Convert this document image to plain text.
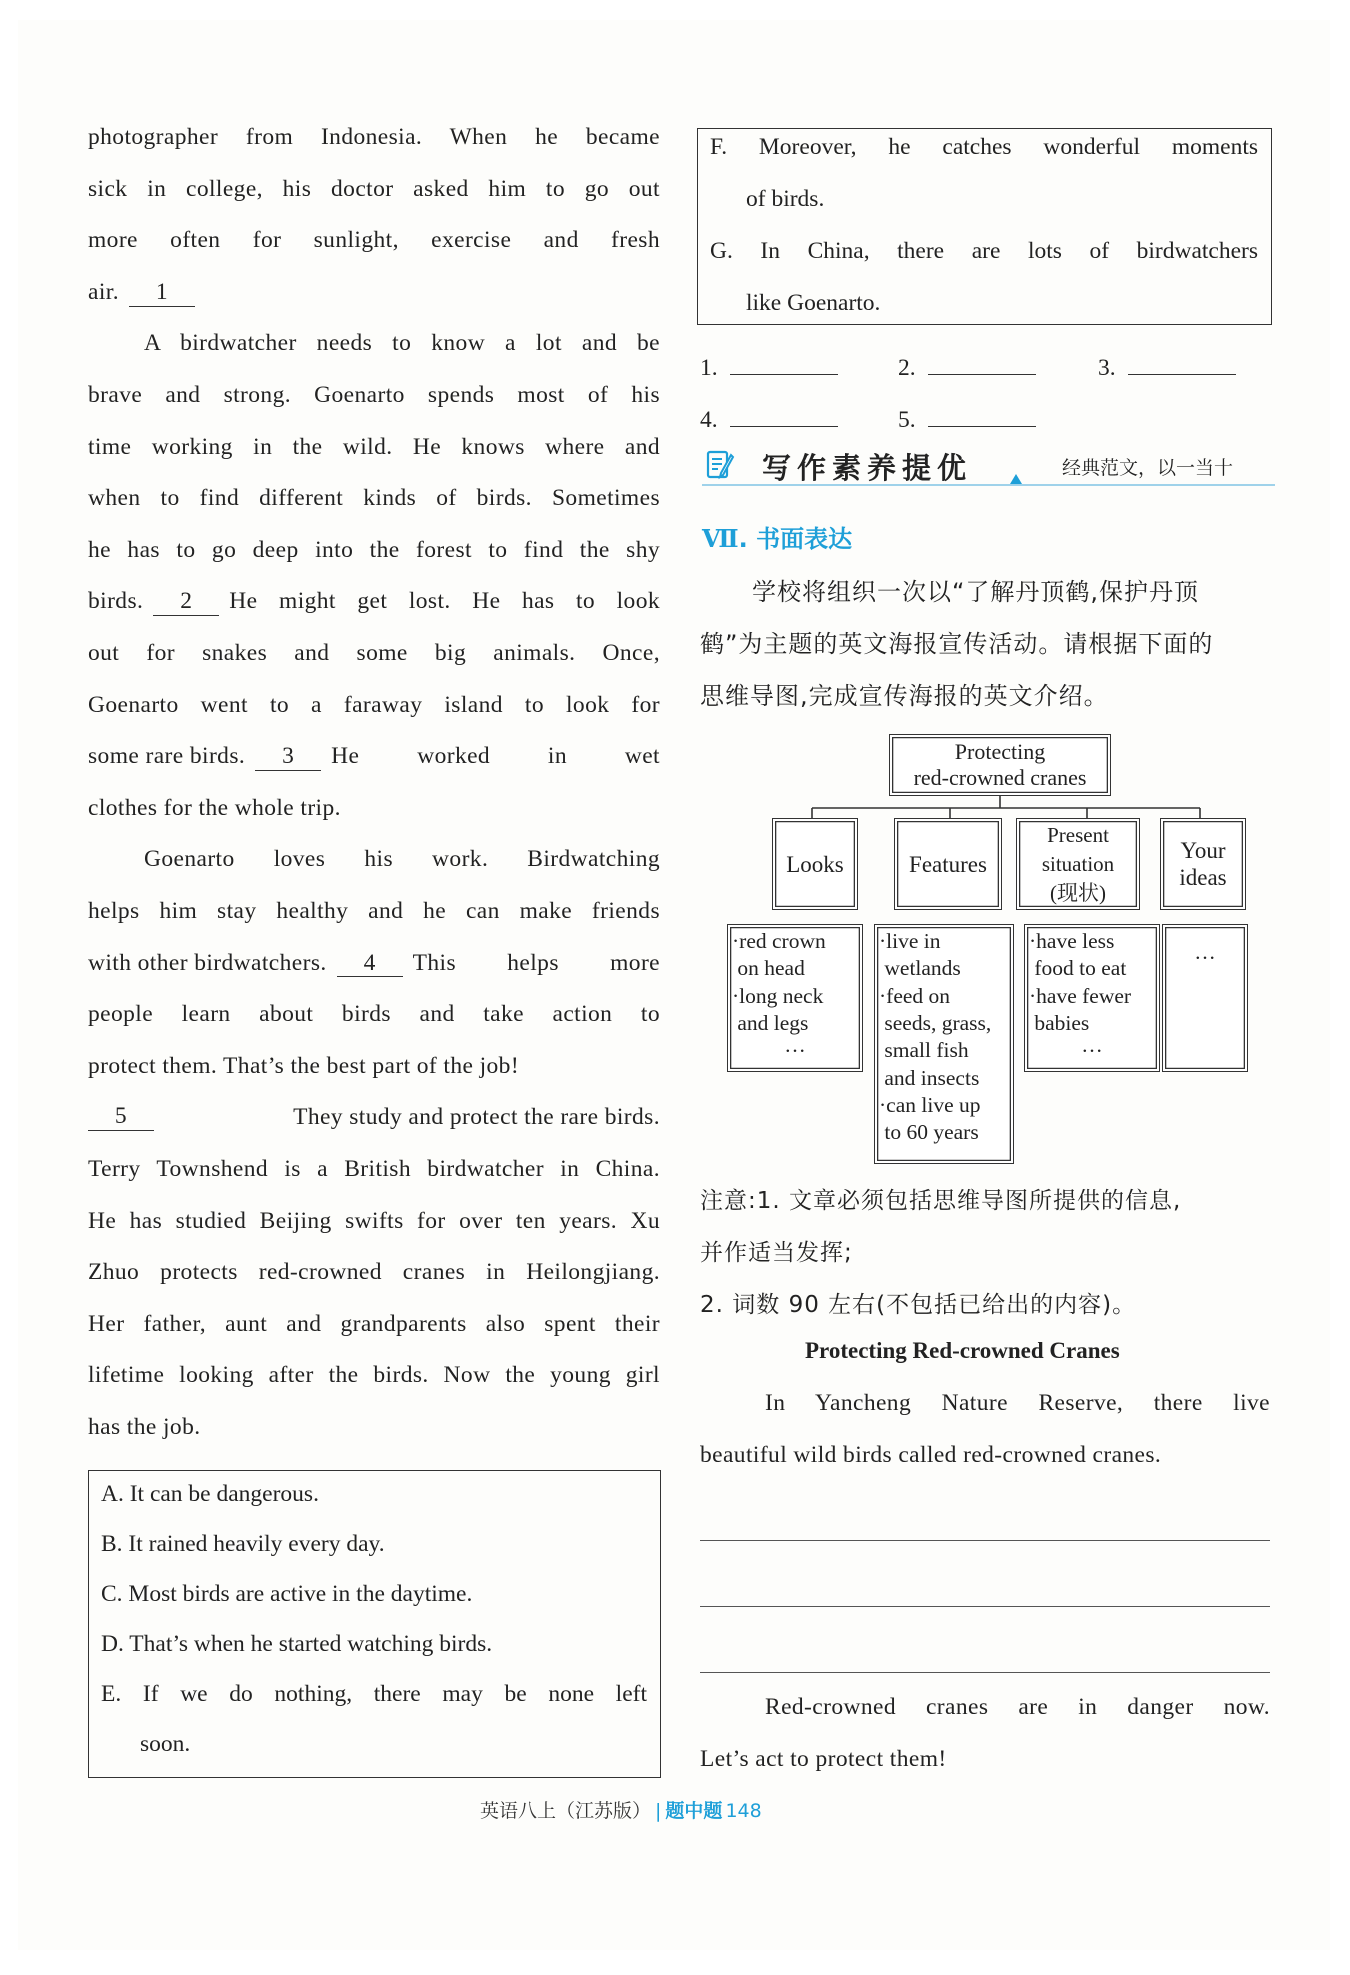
photographer from Indonesia. When he became
sick in college, his doctor asked him to go out
more often for sunlight, exercise and fresh
air.	1
A birdwatcher needs to know a lot and be
brave and strong. Goenarto spends most of his
time working in the wild. He knows where and
when to find different kinds of birds. Sometimes
he has to go deep into the forest to find the shy
birds.	2	He might get lost. He has to look
out for snakes and some big animals. Once,
Goenarto went to a faraway island to look for
some rare birds.	3	He worked in wet
clothes for the whole trip.
Goenarto loves his work. Birdwatching
helps him stay healthy and he can make friends
with other birdwatchers.	4	This helps more
people learn about birds and take action to
protect them. That’s the best part of the job!
5	They study and protect the rare birds.
Terry Townshend is a British birdwatcher in China.
He has studied Beijing swifts for over ten years. Xu
Zhuo protects red-crowned cranes in Heilongjiang.
Her father, aunt and grandparents also spent their
lifetime looking after the birds. Now the young girl
has the job.
A. It can be dangerous.
B. It rained heavily every day.
C. Most birds are active in the daytime.
D. That’s when he started watching birds.
E. If we do nothing, there may be none left
soon.
F. Moreover, he catches wonderful moments
of birds.
G. In China, there are lots of birdwatchers
like Goenarto.
1.	2.	3.
4.	5.
写作素养提优	经典范文，以一当十
Ⅶ. 书面表达
学校将组织一次以“了解丹顶鹤,保护丹顶
鹤”为主题的英文海报宣传活动。请根据下面的
思维导图,完成宣传海报的英文介绍。
Protecting
red-crowned cranes
Looks
·red crown
on head
·long neck
and legs
…
Features
·live in
wetlands
·feed on
seeds, grass,
small fish
and insects
·can live up
to 60 years
Present
situation
(现状)
·have less
food to eat
·have fewer
babies
…
Your
ideas
…
注意:1. 文章必须包括思维导图所提供的信息,
并作适当发挥;
2. 词数 90 左右(不包括已给出的内容)。
Protecting Red-crowned Cranes
In Yancheng Nature Reserve, there live
beautiful wild birds called red-crowned cranes.
Red-crowned cranes are in danger now.
Let’s act to protect them!
英语八上（江苏版） | 题中题 148
